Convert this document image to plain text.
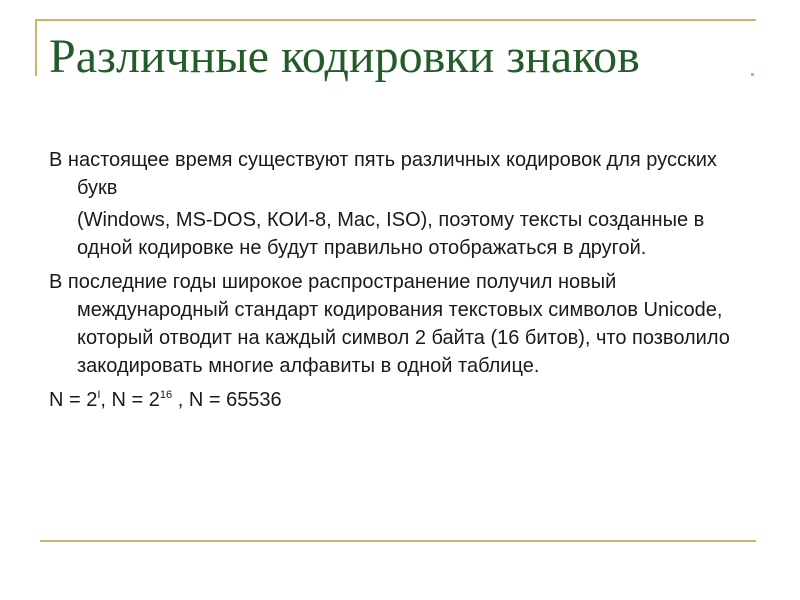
Различные кодировки знаков

В настоящее время существуют пять различных кодировок для русских букв

(Windows, MS-DOS, КОИ-8, Mac, ISO), поэтому тексты созданные в одной кодировке не будут правильно отображаться в другой.

В последние годы широкое распространение получил новый международный стандарт кодирования текстовых символов Unicode, который отводит на каждый символ 2 байта (16 битов), что позволило закодировать многие алфавиты в одной таблице.

$N = 2^I$, $N = 2^{16}$ , N = 65536
